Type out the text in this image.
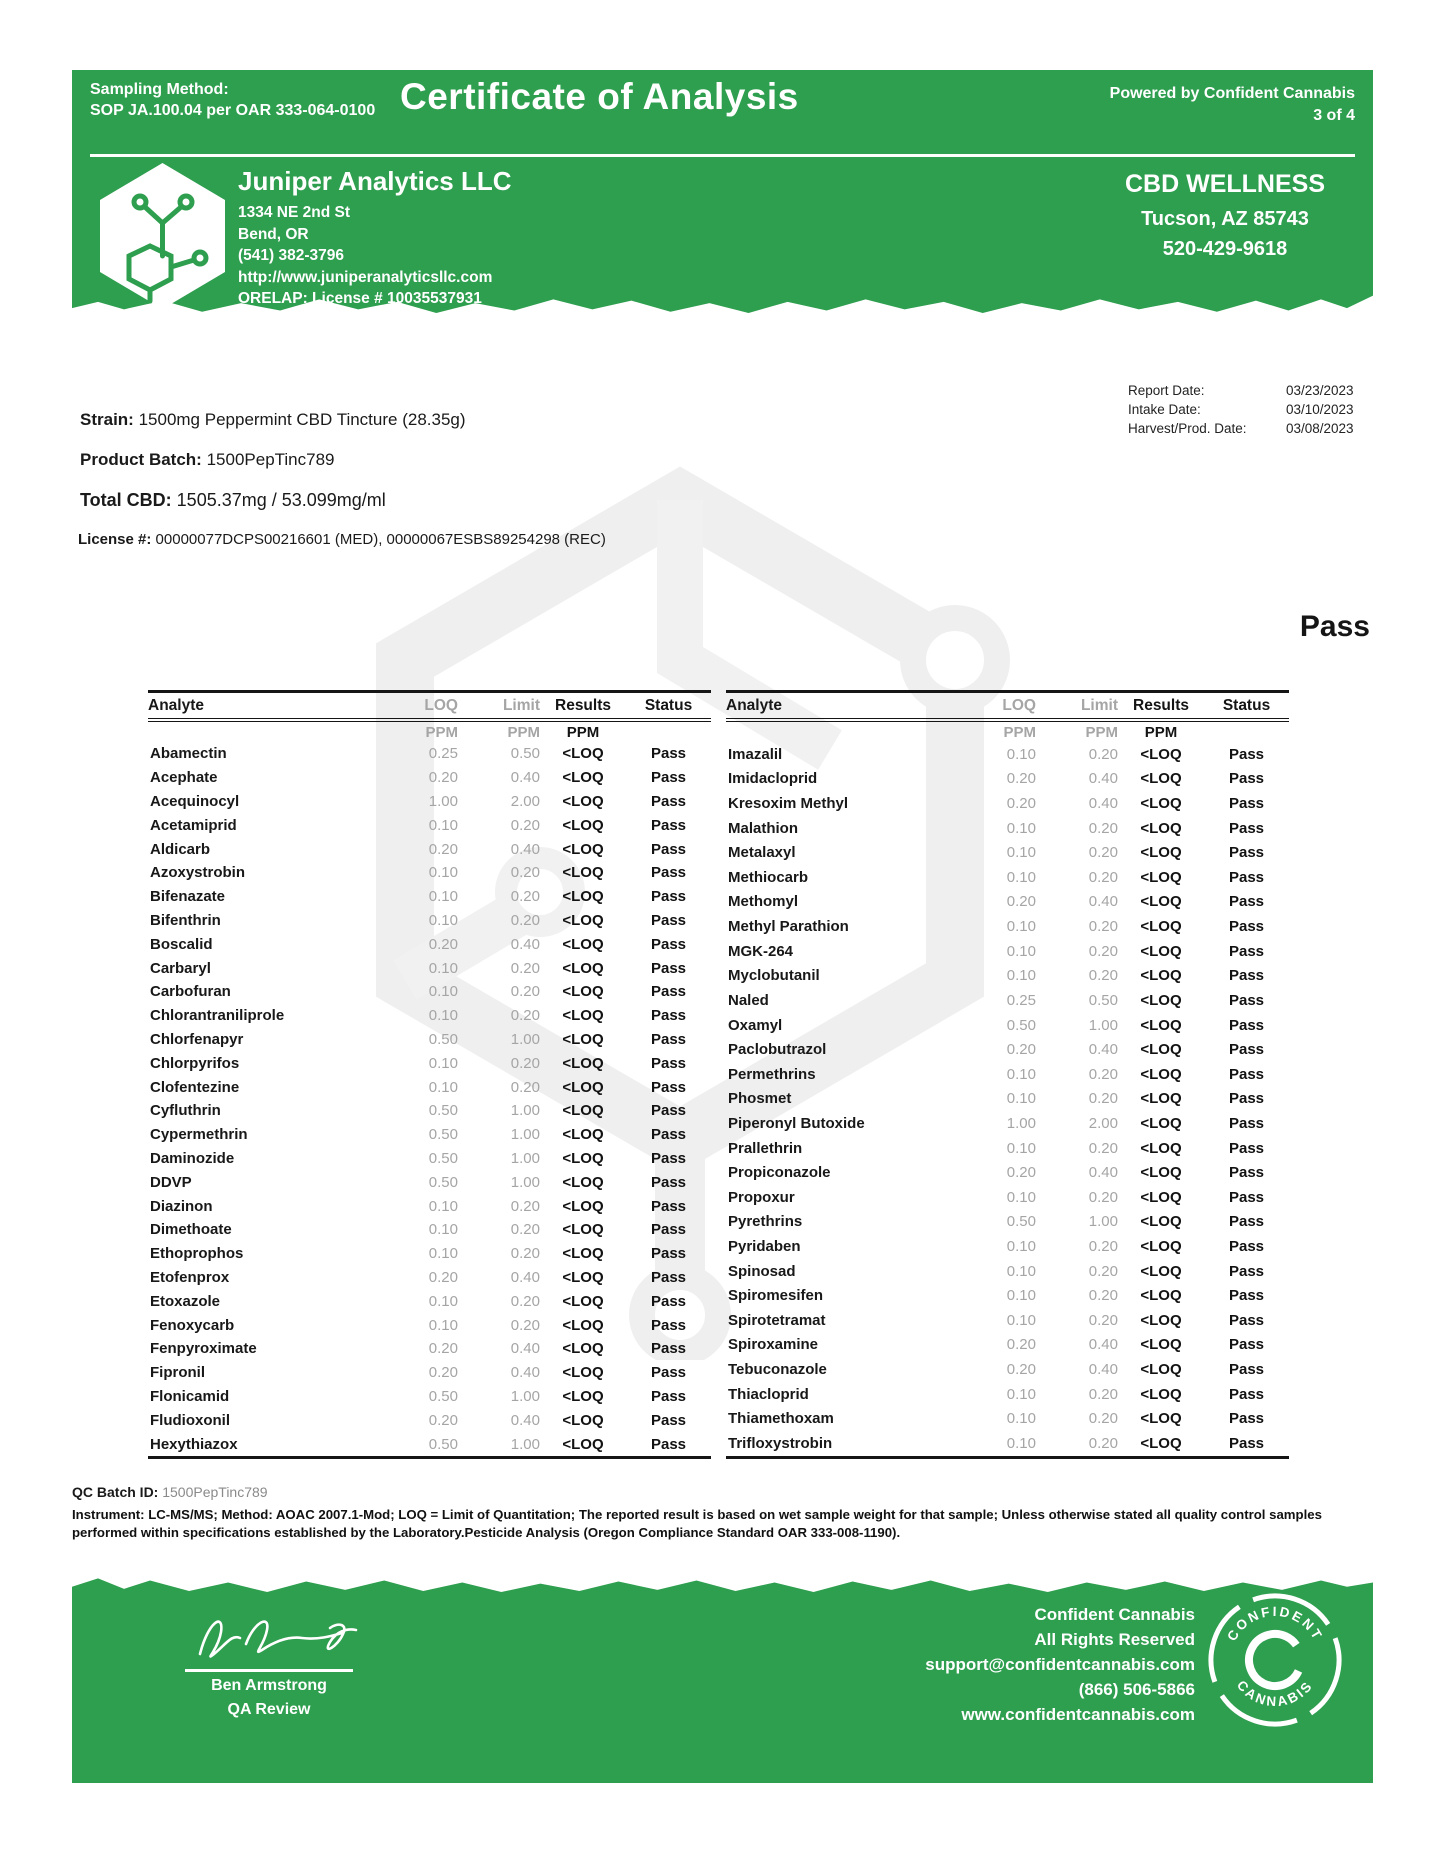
Sampling Method:
SOP JA.100.04 per OAR 333-064-0100 Certificate of Analysis	Powered by Confident Cannabis
3 of 4
Juniper Analytics LLC
1334 NE 2nd St
Bend, OR
(541) 382-3796
http://www.juniperanalyticsllc.com
ORELAP: License # 10035537931
CBD WELLNESS
Tucson, AZ 85743
520-429-9618
Report Date:	03/23/2023
Intake Date:	03/10/2023
Harvest/Prod. Date:	03/08/2023
Strain: 1500mg Peppermint CBD Tincture (28.35g)
Product Batch: 1500PepTinc789
Total CBD: 1505.37mg / 53.099mg/ml
License #: 00000077DCPS00216601 (MED), 00000067ESBS89254298 (REC)
Pass
Analyte	LOQ	Limit	Results	Status
	PPM	PPM	PPM	
Abamectin	0.25	0.50	<LOQ	Pass
Acephate	0.20	0.40	<LOQ	Pass
Acequinocyl	1.00	2.00	<LOQ	Pass
Acetamiprid	0.10	0.20	<LOQ	Pass
Aldicarb	0.20	0.40	<LOQ	Pass
Azoxystrobin	0.10	0.20	<LOQ	Pass
Bifenazate	0.10	0.20	<LOQ	Pass
Bifenthrin	0.10	0.20	<LOQ	Pass
Boscalid	0.20	0.40	<LOQ	Pass
Carbaryl	0.10	0.20	<LOQ	Pass
Carbofuran	0.10	0.20	<LOQ	Pass
Chlorantraniliprole	0.10	0.20	<LOQ	Pass
Chlorfenapyr	0.50	1.00	<LOQ	Pass
Chlorpyrifos	0.10	0.20	<LOQ	Pass
Clofentezine	0.10	0.20	<LOQ	Pass
Cyfluthrin	0.50	1.00	<LOQ	Pass
Cypermethrin	0.50	1.00	<LOQ	Pass
Daminozide	0.50	1.00	<LOQ	Pass
DDVP	0.50	1.00	<LOQ	Pass
Diazinon	0.10	0.20	<LOQ	Pass
Dimethoate	0.10	0.20	<LOQ	Pass
Ethoprophos	0.10	0.20	<LOQ	Pass
Etofenprox	0.20	0.40	<LOQ	Pass
Etoxazole	0.10	0.20	<LOQ	Pass
Fenoxycarb	0.10	0.20	<LOQ	Pass
Fenpyroximate	0.20	0.40	<LOQ	Pass
Fipronil	0.20	0.40	<LOQ	Pass
Flonicamid	0.50	1.00	<LOQ	Pass
Fludioxonil	0.20	0.40	<LOQ	Pass
Hexythiazox	0.50	1.00	<LOQ	Pass
Analyte	LOQ	Limit	Results	Status
	PPM	PPM	PPM	
Imazalil	0.10	0.20	<LOQ	Pass
Imidacloprid	0.20	0.40	<LOQ	Pass
Kresoxim Methyl	0.20	0.40	<LOQ	Pass
Malathion	0.10	0.20	<LOQ	Pass
Metalaxyl	0.10	0.20	<LOQ	Pass
Methiocarb	0.10	0.20	<LOQ	Pass
Methomyl	0.20	0.40	<LOQ	Pass
Methyl Parathion	0.10	0.20	<LOQ	Pass
MGK-264	0.10	0.20	<LOQ	Pass
Myclobutanil	0.10	0.20	<LOQ	Pass
Naled	0.25	0.50	<LOQ	Pass
Oxamyl	0.50	1.00	<LOQ	Pass
Paclobutrazol	0.20	0.40	<LOQ	Pass
Permethrins	0.10	0.20	<LOQ	Pass
Phosmet	0.10	0.20	<LOQ	Pass
Piperonyl Butoxide	1.00	2.00	<LOQ	Pass
Prallethrin	0.10	0.20	<LOQ	Pass
Propiconazole	0.20	0.40	<LOQ	Pass
Propoxur	0.10	0.20	<LOQ	Pass
Pyrethrins	0.50	1.00	<LOQ	Pass
Pyridaben	0.10	0.20	<LOQ	Pass
Spinosad	0.10	0.20	<LOQ	Pass
Spiromesifen	0.10	0.20	<LOQ	Pass
Spirotetramat	0.10	0.20	<LOQ	Pass
Spiroxamine	0.20	0.40	<LOQ	Pass
Tebuconazole	0.20	0.40	<LOQ	Pass
Thiacloprid	0.10	0.20	<LOQ	Pass
Thiamethoxam	0.10	0.20	<LOQ	Pass
Trifloxystrobin	0.10	0.20	<LOQ	Pass
QC Batch ID: 1500PepTinc789
Instrument: LC-MS/MS; Method: AOAC 2007.1-Mod; LOQ = Limit of Quantitation; The reported result is based on wet sample weight for that sample; Unless otherwise stated all quality control samples performed within specifications established by the Laboratory.Pesticide Analysis (Oregon Compliance Standard OAR 333-008-1190).
Ben Armstrong
QA Review
Confident Cannabis
All Rights Reserved
support@confidentcannabis.com
(866) 506-5866
www.confidentcannabis.com
CONFIDENT
CANNABIS
